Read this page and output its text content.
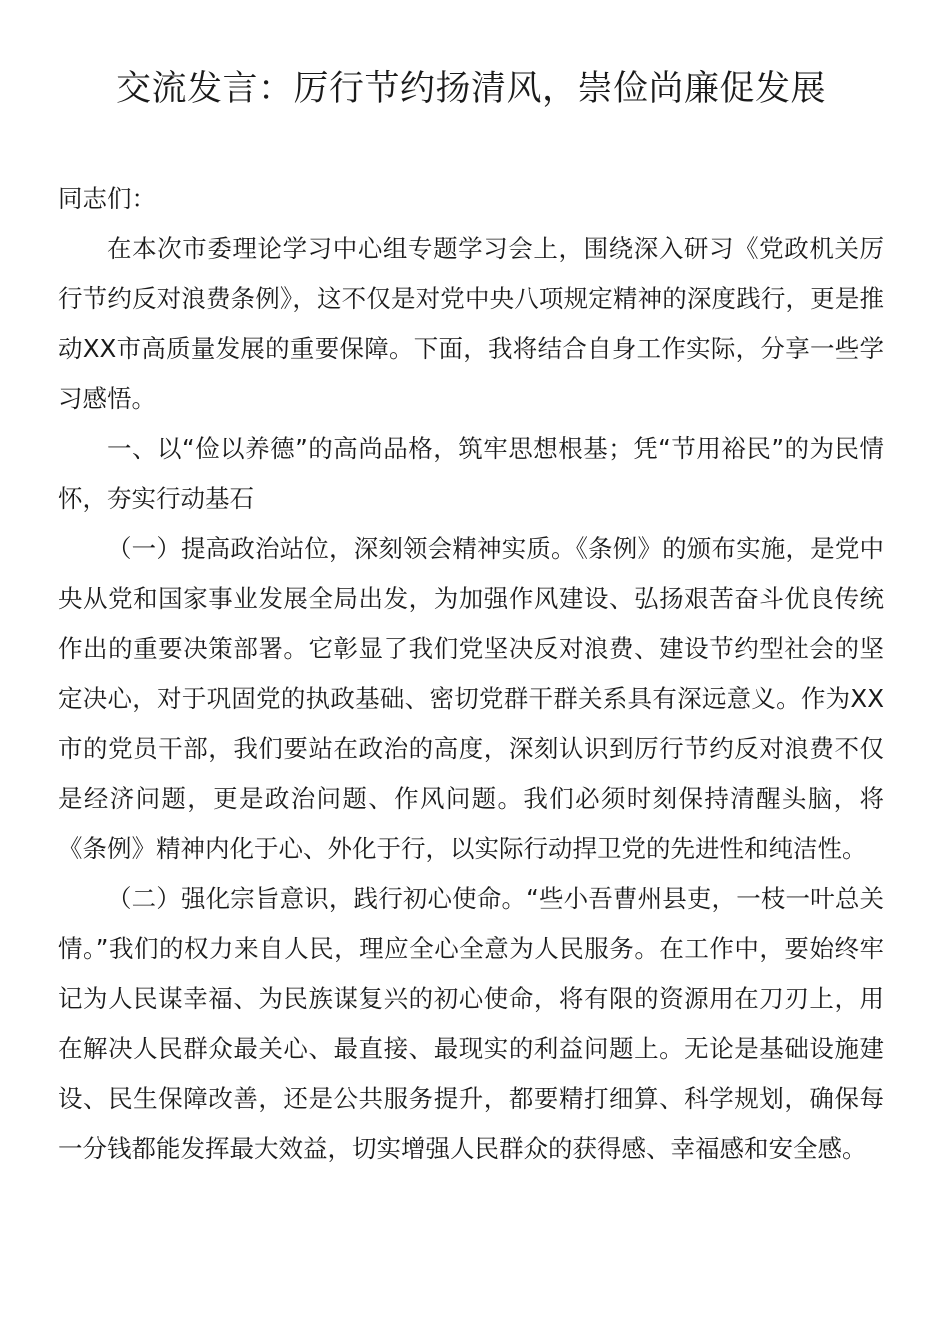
交流发言：厉行节约扬清风，崇俭尚廉促发展

同志们：

在本次市委理论学习中心组专题学习会上，围绕深入研习《党政机关厉行节约反对浪费条例》，这不仅是对党中央八项规定精神的深度践行，更是推动XX市高质量发展的重要保障。下面，我将结合自身工作实际，分享一些学习感悟。

一、以“俭以养德”的高尚品格，筑牢思想根基；凭“节用裕民”的为民情怀，夯实行动基石

（一）提高政治站位，深刻领会精神实质。《条例》的颁布实施，是党中央从党和国家事业发展全局出发，为加强作风建设、弘扬艰苦奋斗优良传统作出的重要决策部署。它彰显了我们党坚决反对浪费、建设节约型社会的坚定决心，对于巩固党的执政基础、密切党群干群关系具有深远意义。作为XX市的党员干部，我们要站在政治的高度，深刻认识到厉行节约反对浪费不仅是经济问题，更是政治问题、作风问题。我们必须时刻保持清醒头脑，将《条例》精神内化于心、外化于行，以实际行动捍卫党的先进性和纯洁性。

（二）强化宗旨意识，践行初心使命。“些小吾曹州县吏，一枝一叶总关情。”我们的权力来自人民，理应全心全意为人民服务。在工作中，要始终牢记为人民谋幸福、为民族谋复兴的初心使命，将有限的资源用在刀刃上，用在解决人民群众最关心、最直接、最现实的利益问题上。无论是基础设施建设、民生保障改善，还是公共服务提升，都要精打细算、科学规划，确保每一分钱都能发挥最大效益，切实增强人民群众的获得感、幸福感和安全感。
